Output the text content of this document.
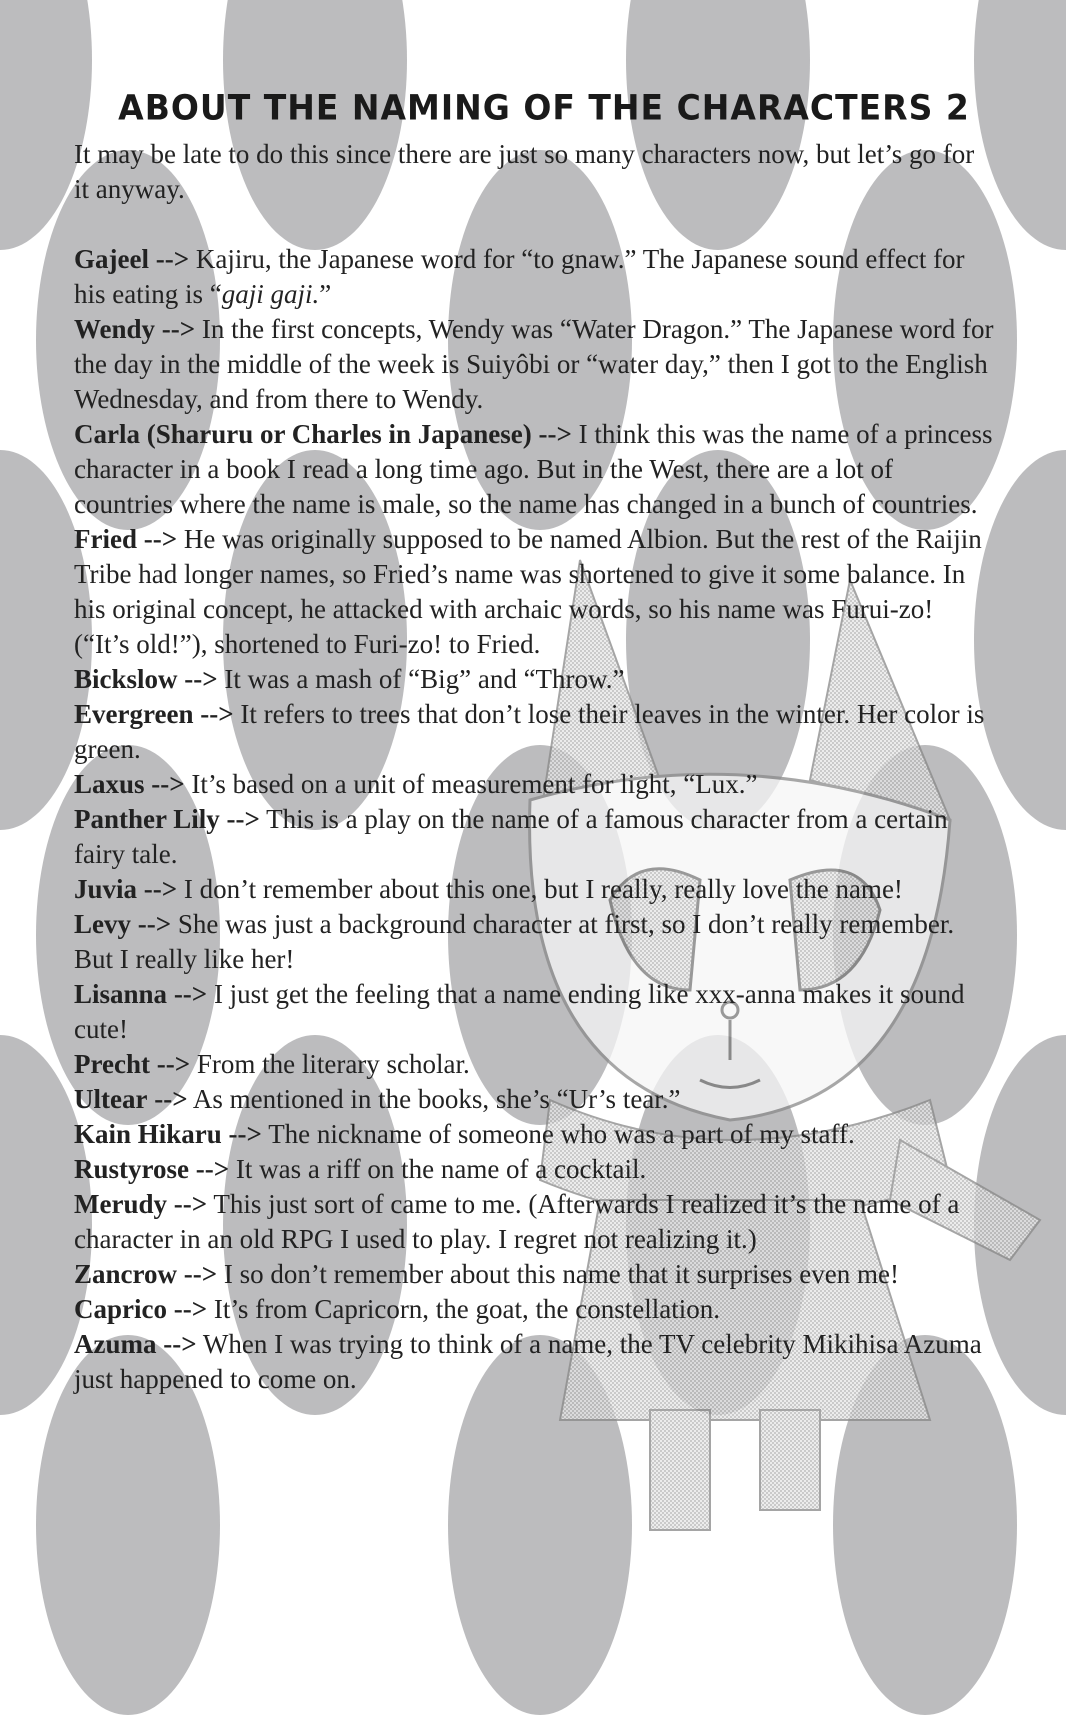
ABOUT THE NAMING OF THE CHARACTERS 2

It may be late to do this since there are just so many characters now, but let’s go for it anyway.

Gajeel --> Kajiru, the Japanese word for “to gnaw.” The Japanese sound effect for his eating is “gaji gaji.”

Wendy --> In the first concepts, Wendy was “Water Dragon.” The Japanese word for the day in the middle of the week is Suiyôbi or “water day,” then I got to the English Wednesday, and from there to Wendy.

Carla (Sharuru or Charles in Japanese) --> I think this was the name of a princess character in a book I read a long time ago. But in the West, there are a lot of countries where the name is male, so the name has changed in a bunch of countries.

Fried --> He was originally supposed to be named Albion. But the rest of the Raijin Tribe had longer names, so Fried’s name was shortened to give it some balance. In his original concept, he attacked with archaic words, so his name was Furui-zo! (“It’s old!”), shortened to Furi-zo! to Fried.

Bickslow --> It was a mash of “Big” and “Throw.”

Evergreen --> It refers to trees that don’t lose their leaves in the winter. Her color is green.

Laxus --> It’s based on a unit of measurement for light, “Lux.”

Panther Lily --> This is a play on the name of a famous character from a certain fairy tale.

Juvia --> I don’t remember about this one, but I really, really love the name!

Levy --> She was just a background character at first, so I don’t really remember. But I really like her!

Lisanna --> I just get the feeling that a name ending like xxx-anna makes it sound cute!

Precht --> From the literary scholar.

Ultear --> As mentioned in the books, she’s “Ur’s tear.”

Kain Hikaru --> The nickname of someone who was a part of my staff.

Rustyrose --> It was a riff on the name of a cocktail.

Merudy --> This just sort of came to me. (Afterwards I realized it’s the name of a character in an old RPG I used to play. I regret not realizing it.)

Zancrow --> I so don’t remember about this name that it surprises even me!

Caprico --> It’s from Capricorn, the goat, the constellation.

Azuma --> When I was trying to think of a name, the TV celebrity Mikihisa Azuma just happened to come on.
